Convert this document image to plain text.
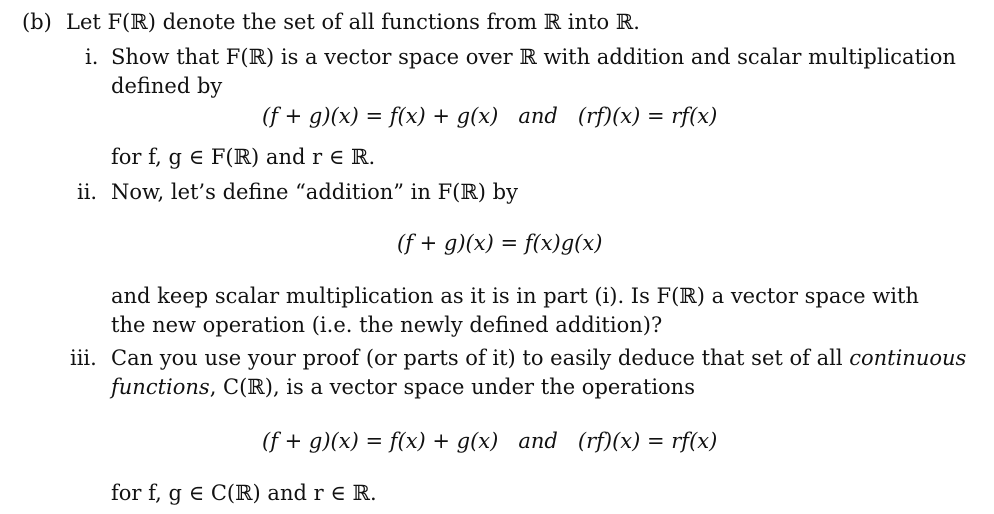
(b) Let F(ℝ) denote the set of all functions from ℝ into ℝ.
i. Show that F(ℝ) is a vector space over ℝ with addition and scalar multiplication
defined by
(f + g)(x) = f(x) + g(x)   and   (rf)(x) = rf(x)
for f, g ∈ F(ℝ) and r ∈ ℝ.
ii. Now, let’s define “addition” in F(ℝ) by
(f + g)(x) = f(x)g(x)
and keep scalar multiplication as it is in part (i). Is F(ℝ) a vector space with
the new operation (i.e. the newly defined addition)?
iii. Can you use your proof (or parts of it) to easily deduce that set of all continuous
functions, C(ℝ), is a vector space under the operations
(f + g)(x) = f(x) + g(x)   and   (rf)(x) = rf(x)
for f, g ∈ C(ℝ) and r ∈ ℝ.
